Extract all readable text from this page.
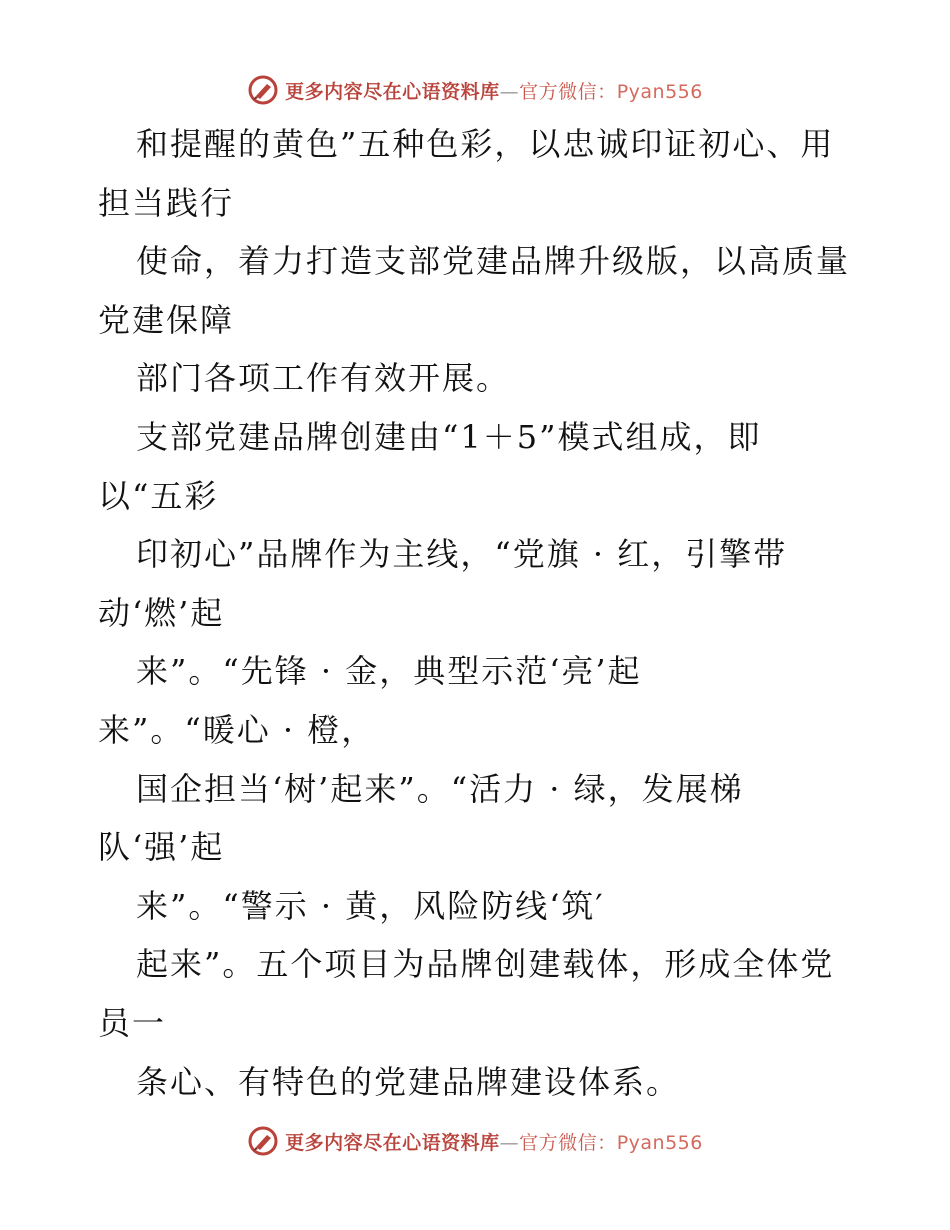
更多内容尽在心语资料库—官方微信：Pyan556
和提醒的黄色”五种色彩，以忠诚印证初心、用
担当践行
使命，着力打造支部党建品牌升级版，以高质量
党建保障
部门各项工作有效开展。
支部党建品牌创建由“1＋5”模式组成，即
以“五彩
印初心”品牌作为主线，“党旗 · 红，引擎带
动‘燃’起
来”。“先锋 · 金，典型示范‘亮’起
来”。“暖心 · 橙，
国企担当‘树’起来”。“活力 · 绿，发展梯
队‘强’起
来”。“警示 · 黄，风险防线‘筑′
起来”。五个项目为品牌创建载体，形成全体党
员一
条心、有特色的党建品牌建设体系。
更多内容尽在心语资料库—官方微信：Pyan556
